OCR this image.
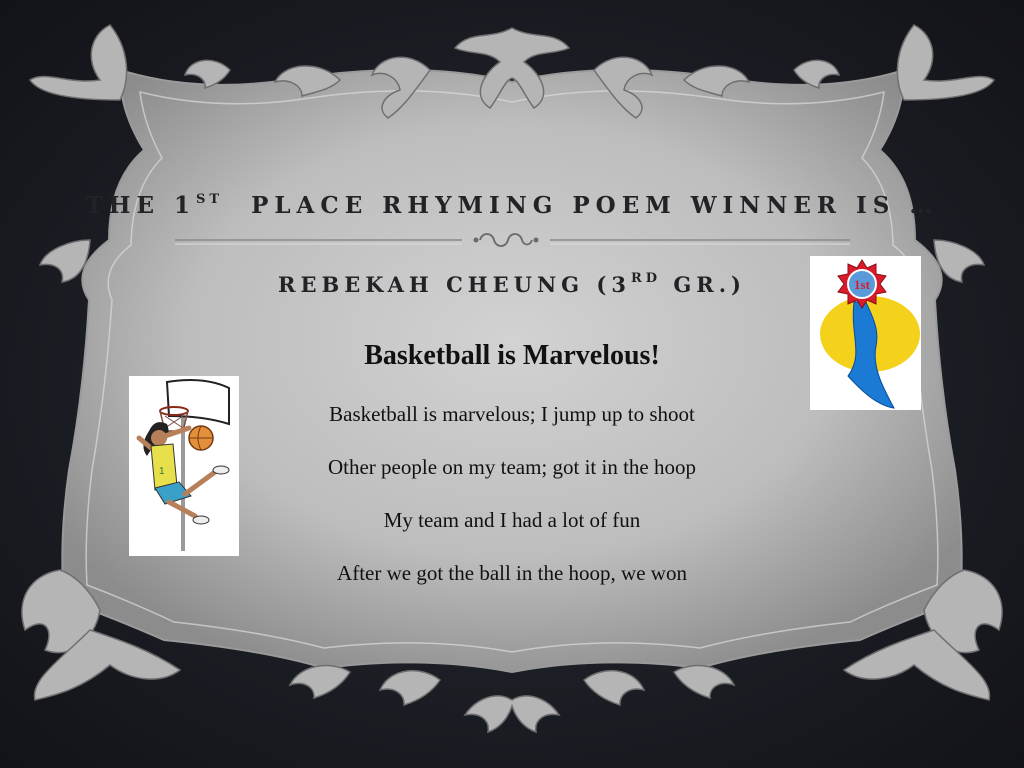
THE 1ST  PLACE RHYMING POEM WINNER IS …
REBEKAH CHEUNG (3RD GR.)
Basketball is Marvelous!
Basketball is marvelous; I jump up to shoot
Other people on my team; got it in the hoop
My team and I had a lot of fun
After we got the ball in the hoop, we won
1
1st
